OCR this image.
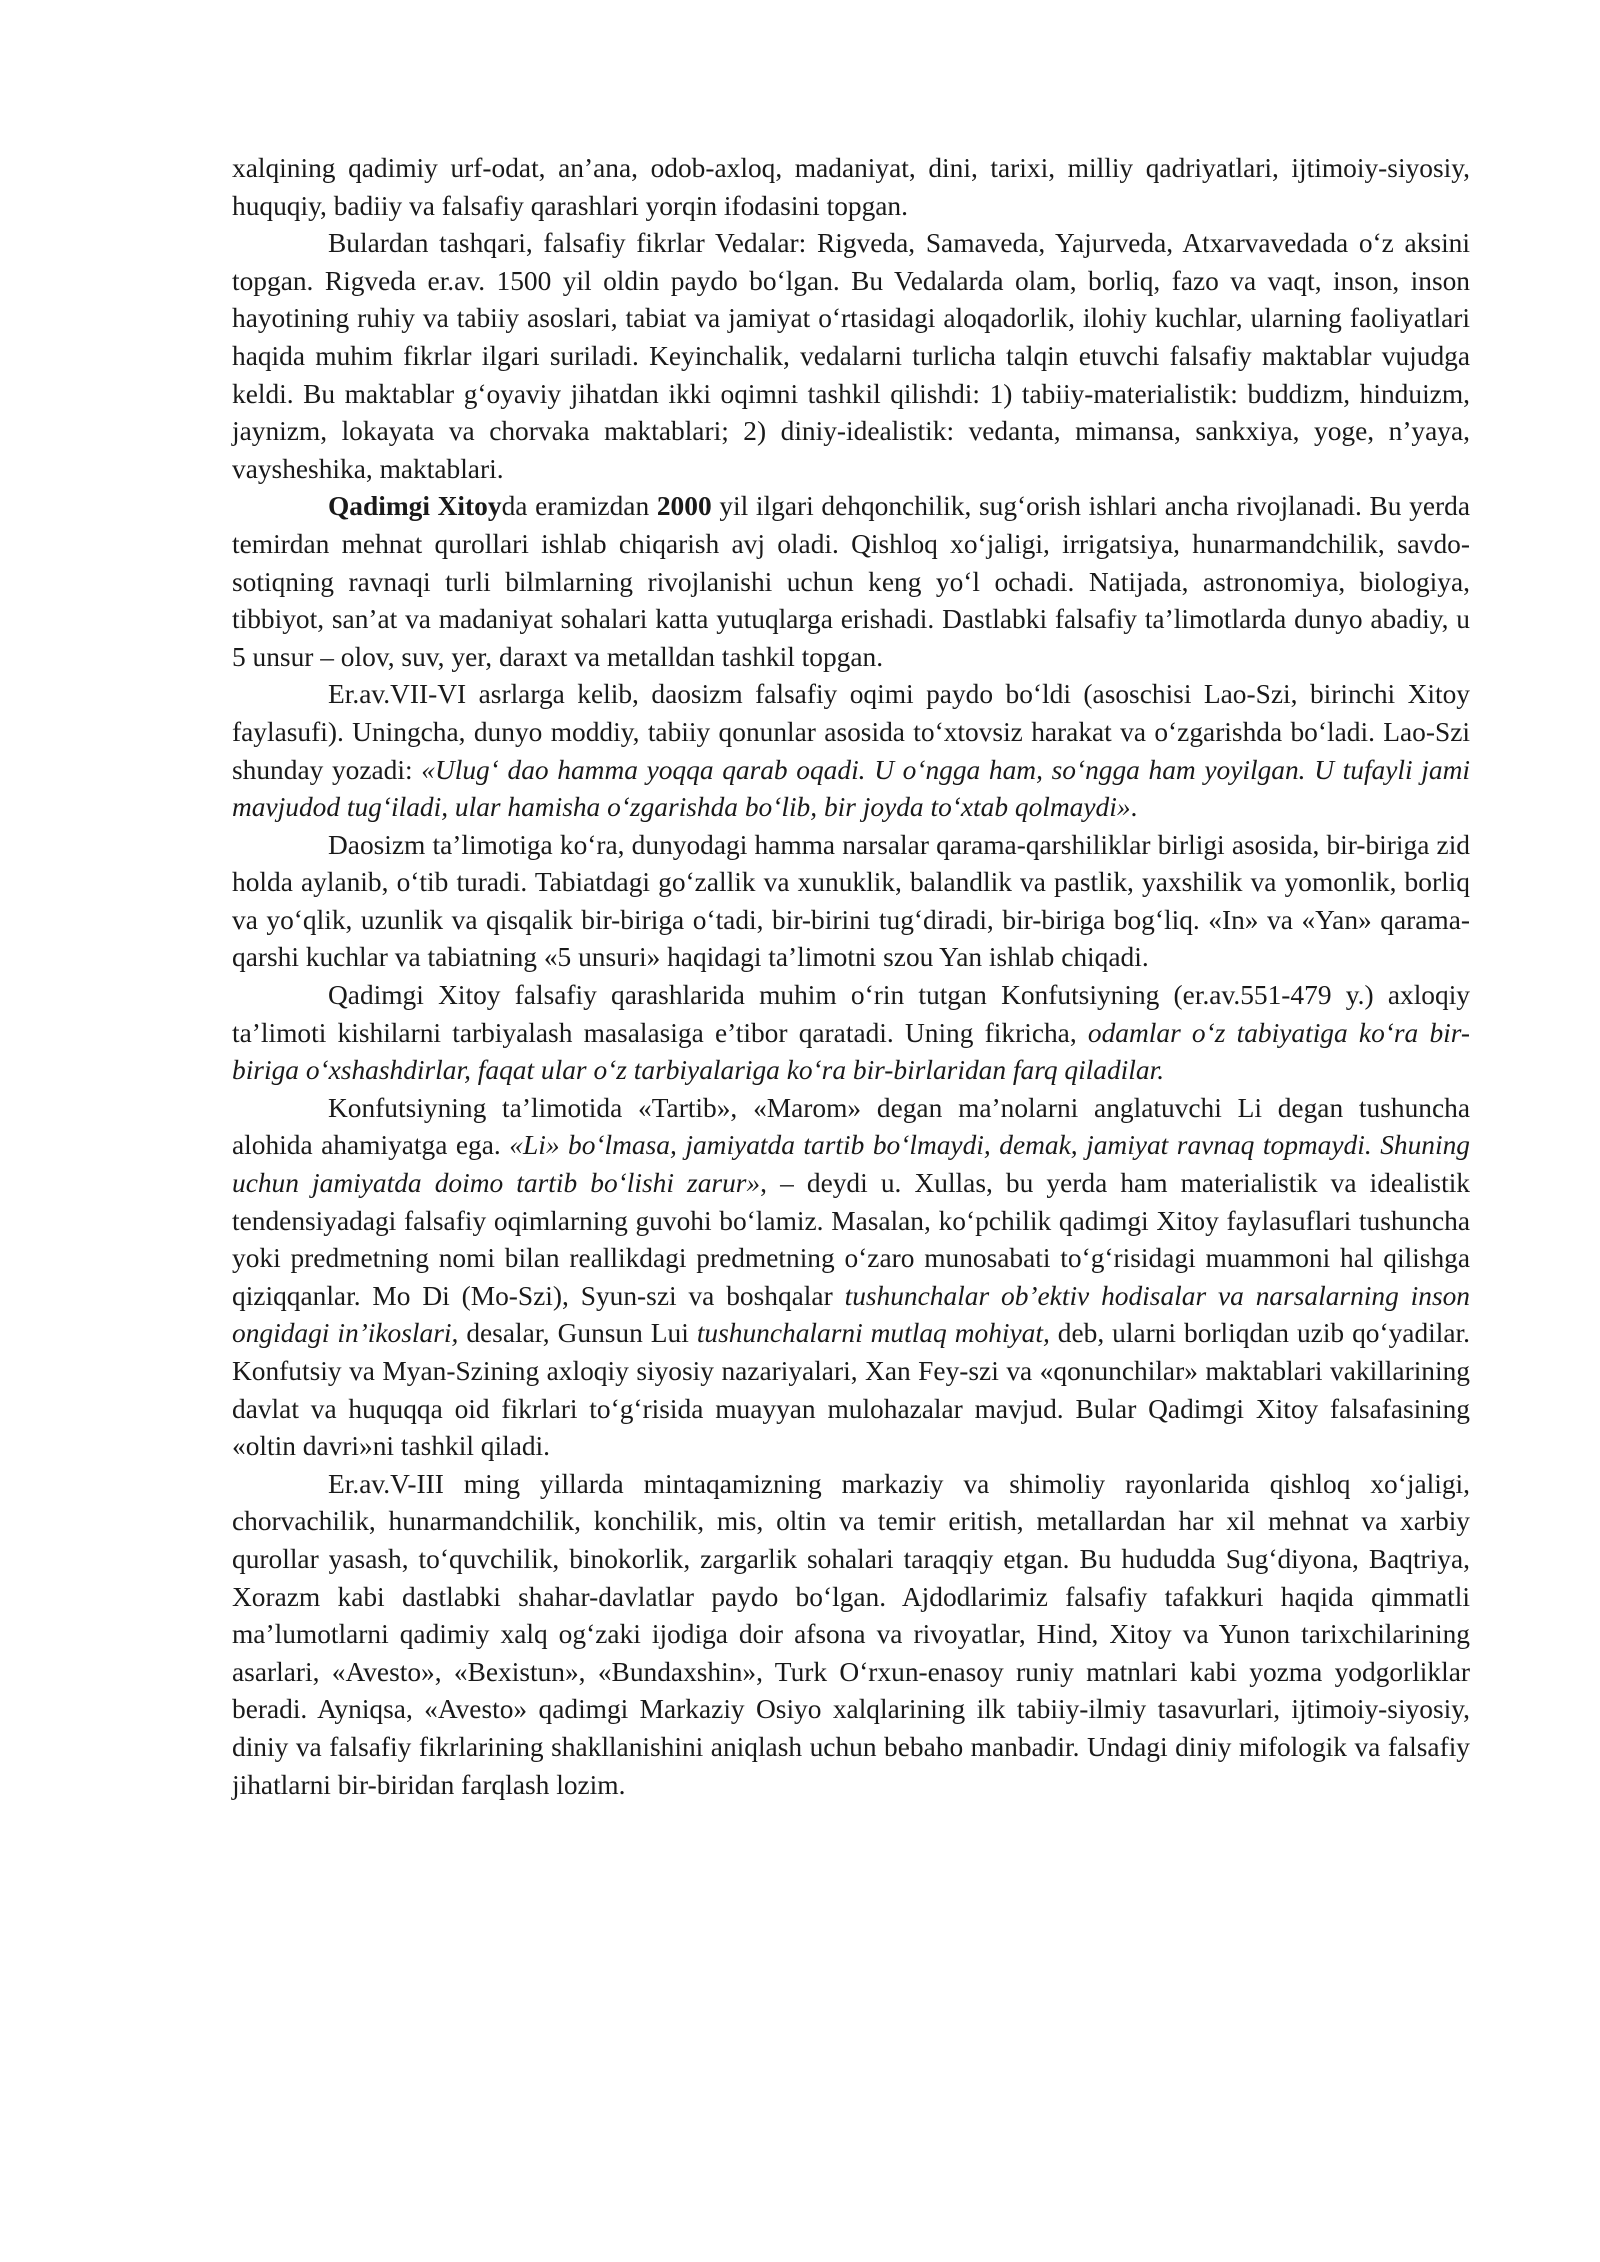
xalqining qadimiy urf-odat, an’ana, odob-axloq, madaniyat, dini, tarixi, milliy qadriyatlari, ijtimoiy-siyosiy, huquqiy, badiiy va falsafiy qarashlari yorqin ifodasini topgan.

Bulardan tashqari, falsafiy fikrlar Vedalar: Rigveda, Samaveda, Yajurveda, Atxarvavedada o‘z aksini topgan. Rigveda er.av. 1500 yil oldin paydo bo‘lgan. Bu Vedalarda olam, borliq, fazo va vaqt, inson, inson hayotining ruhiy va tabiiy asoslari, tabiat va jamiyat o‘rtasidagi aloqadorlik, ilohiy kuchlar, ularning faoliyatlari haqida muhim fikrlar ilgari suriladi. Keyinchalik, vedalarni turlicha talqin etuvchi falsafiy maktablar vujudga keldi. Bu maktablar g‘oyaviy jihatdan ikki oqimni tashkil qilishdi: 1) tabiiy-materialistik: buddizm, hinduizm, jaynizm, lokayata va chorvaka maktablari; 2) diniy-idealistik: vedanta, mimansa, sankxiya, yoge, n’yaya, vaysheshika, maktablari.

Qadimgi Xitoyda eramizdan 2000 yil ilgari dehqonchilik, sug‘orish ishlari ancha rivojlanadi. Bu yerda temirdan mehnat qurollari ishlab chiqarish avj oladi. Qishloq xo‘jaligi, irrigatsiya, hunarmandchilik, savdo-sotiqning ravnaqi turli bilmlarning rivojlanishi uchun keng yo‘l ochadi. Natijada, astronomiya, biologiya, tibbiyot, san’at va madaniyat sohalari katta yutuqlarga erishadi. Dastlabki falsafiy ta’limotlarda dunyo abadiy, u 5 unsur – olov, suv, yer, daraxt va metalldan tashkil topgan.

Er.av.VII-VI asrlarga kelib, daosizm falsafiy oqimi paydo bo‘ldi (asoschisi Lao-Szi, birinchi Xitoy faylasufi). Uningcha, dunyo moddiy, tabiiy qonunlar asosida to‘xtovsiz harakat va o‘zgarishda bo‘ladi. Lao-Szi shunday yozadi: «Ulug‘ dao hamma yoqqa qarab oqadi. U o‘ngga ham, so‘ngga ham yoyilgan. U tufayli jami mavjudod tug‘iladi, ular hamisha o‘zgarishda bo‘lib, bir joyda to‘xtab qolmaydi».

Daosizm ta’limotiga ko‘ra, dunyodagi hamma narsalar qarama-qarshiliklar birligi asosida, bir-biriga zid holda aylanib, o‘tib turadi. Tabiatdagi go‘zallik va xunuklik, balandlik va pastlik, yaxshilik va yomonlik, borliq va yo‘qlik, uzunlik va qisqalik bir-biriga o‘tadi, bir-birini tug‘diradi, bir-biriga bog‘liq. «In» va «Yan» qarama-qarshi kuchlar va tabiatning «5 unsuri» haqidagi ta’limotni szou Yan ishlab chiqadi.

Qadimgi Xitoy falsafiy qarashlarida muhim o‘rin tutgan Konfutsiyning (er.av.551-479 y.) axloqiy ta’limoti kishilarni tarbiyalash masalasiga e’tibor qaratadi. Uning fikricha, odamlar o‘z tabiyatiga ko‘ra bir-biriga o‘xshashdirlar, faqat ular o‘z tarbiyalariga ko‘ra bir-birlaridan farq qiladilar.

Konfutsiyning ta’limotida «Tartib», «Marom» degan ma’nolarni anglatuvchi Li degan tushuncha alohida ahamiyatga ega. «Li» bo‘lmasa, jamiyatda tartib bo‘lmaydi, demak, jamiyat ravnaq topmaydi. Shuning uchun jamiyatda doimo tartib bo‘lishi zarur», – deydi u. Xullas, bu yerda ham materialistik va idealistik tendensiyadagi falsafiy oqimlarning guvohi bo‘lamiz. Masalan, ko‘pchilik qadimgi Xitoy faylasuflari tushuncha yoki predmetning nomi bilan reallikdagi predmetning o‘zaro munosabati to‘g‘risidagi muammoni hal qilishga qiziqqanlar. Mo Di (Mo-Szi), Syun-szi va boshqalar tushunchalar ob’ektiv hodisalar va narsalarning inson ongidagi in’ikoslari, desalar, Gunsun Lui tushunchalarni mutlaq mohiyat, deb, ularni borliqdan uzib qo‘yadilar. Konfutsiy va Myan-Szining axloqiy siyosiy nazariyalari, Xan Fey-szi va «qonunchilar» maktablari vakillarining davlat va huquqqa oid fikrlari to‘g‘risida muayyan mulohazalar mavjud. Bular Qadimgi Xitoy falsafasining «oltin davri»ni tashkil qiladi.

Er.av.V-III ming yillarda mintaqamizning markaziy va shimoliy rayonlarida qishloq xo‘jaligi, chorvachilik, hunarmandchilik, konchilik, mis, oltin va temir eritish, metallardan har xil mehnat va xarbiy qurollar yasash, to‘quvchilik, binokorlik, zargarlik sohalari taraqqiy etgan. Bu hududda Sug‘diyona, Baqtriya, Xorazm kabi dastlabki shahar-davlatlar paydo bo‘lgan. Ajdodlarimiz falsafiy tafakkuri haqida qimmatli ma’lumotlarni qadimiy xalq og‘zaki ijodiga doir afsona va rivoyatlar, Hind, Xitoy va Yunon tarixchilarining asarlari, «Avesto», «Bexistun», «Bundaxshin», Turk O‘rxun-enasoy runiy matnlari kabi yozma yodgorliklar beradi. Ayniqsa, «Avesto» qadimgi Markaziy Osiyo xalqlarining ilk tabiiy-ilmiy tasavurlari, ijtimoiy-siyosiy, diniy va falsafiy fikrlarining shakllanishini aniqlash uchun bebaho manbadir. Undagi diniy mifologik va falsafiy jihatlarni bir-biridan farqlash lozim.
